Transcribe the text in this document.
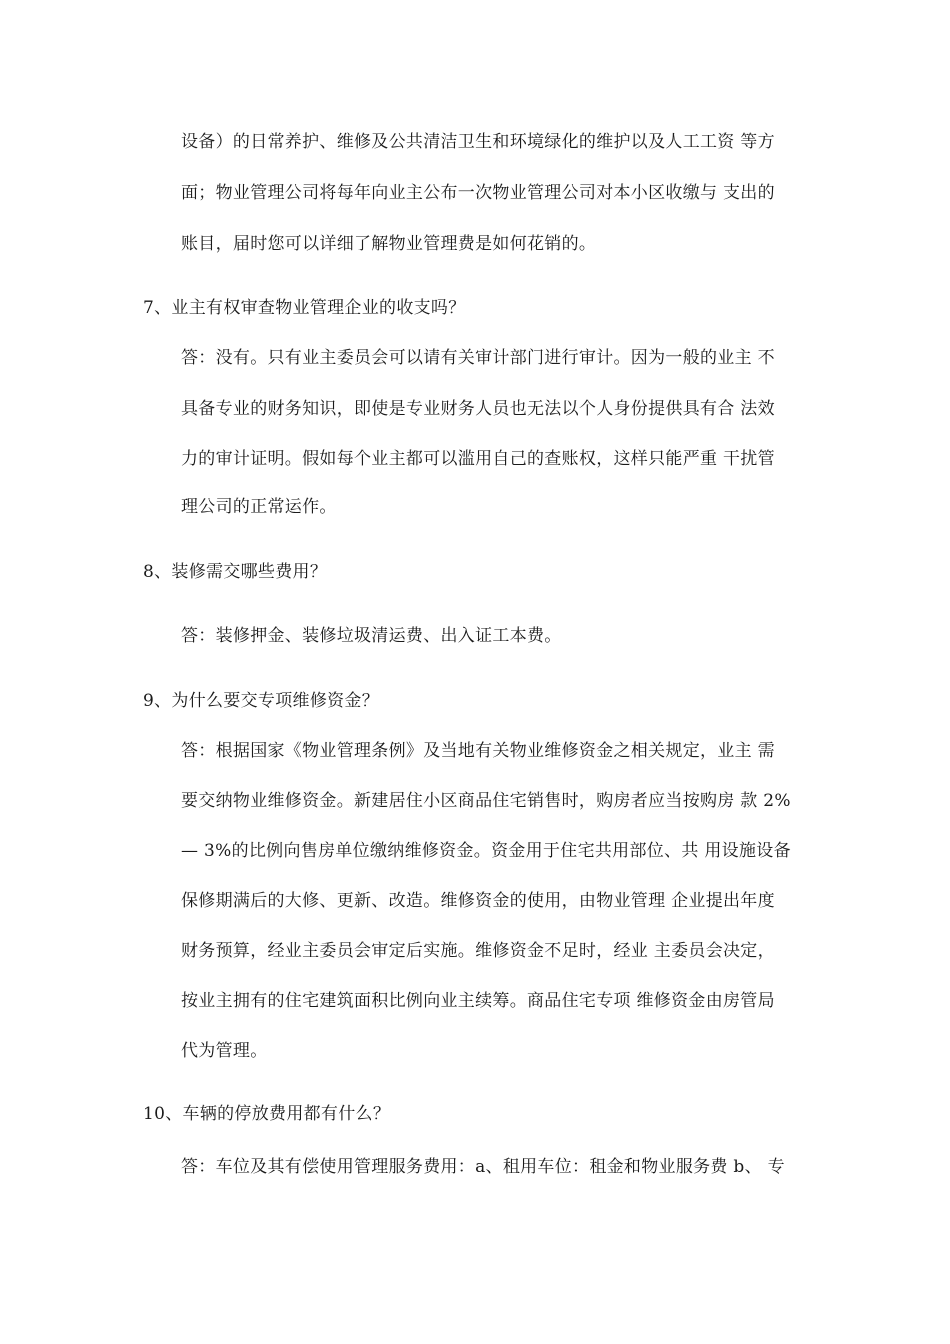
设备）的日常养护、维修及公共清洁卫生和环境绿化的维护以及人工工资 等方
面；物业管理公司将每年向业主公布一次物业管理公司对本小区收缴与 支出的
账目，届时您可以详细了解物业管理费是如何花销的。
7、业主有权审查物业管理企业的收支吗？
答：没有。只有业主委员会可以请有关审计部门进行审计。因为一般的业主 不
具备专业的财务知识，即使是专业财务人员也无法以个人身份提供具有合 法效
力的审计证明。假如每个业主都可以滥用自己的查账权，这样只能严重 干扰管
理公司的正常运作。
8、装修需交哪些费用？
答：装修押金、装修垃圾清运费、出入证工本费。
9、为什么要交专项维修资金？
答：根据国家《物业管理条例》及当地有关物业维修资金之相关规定，业主 需
要交纳物业维修资金。新建居住小区商品住宅销售时，购房者应当按购房 款 2%
— 3%的比例向售房单位缴纳维修资金。资金用于住宅共用部位、共 用设施设备
保修期满后的大修、更新、改造。维修资金的使用，由物业管理 企业提出年度
财务预算，经业主委员会审定后实施。维修资金不足时，经业 主委员会决定，
按业主拥有的住宅建筑面积比例向业主续筹。商品住宅专项 维修资金由房管局
代为管理。
10、车辆的停放费用都有什么？
答：车位及其有偿使用管理服务费用：a、租用车位：租金和物业服务费 b、 专
